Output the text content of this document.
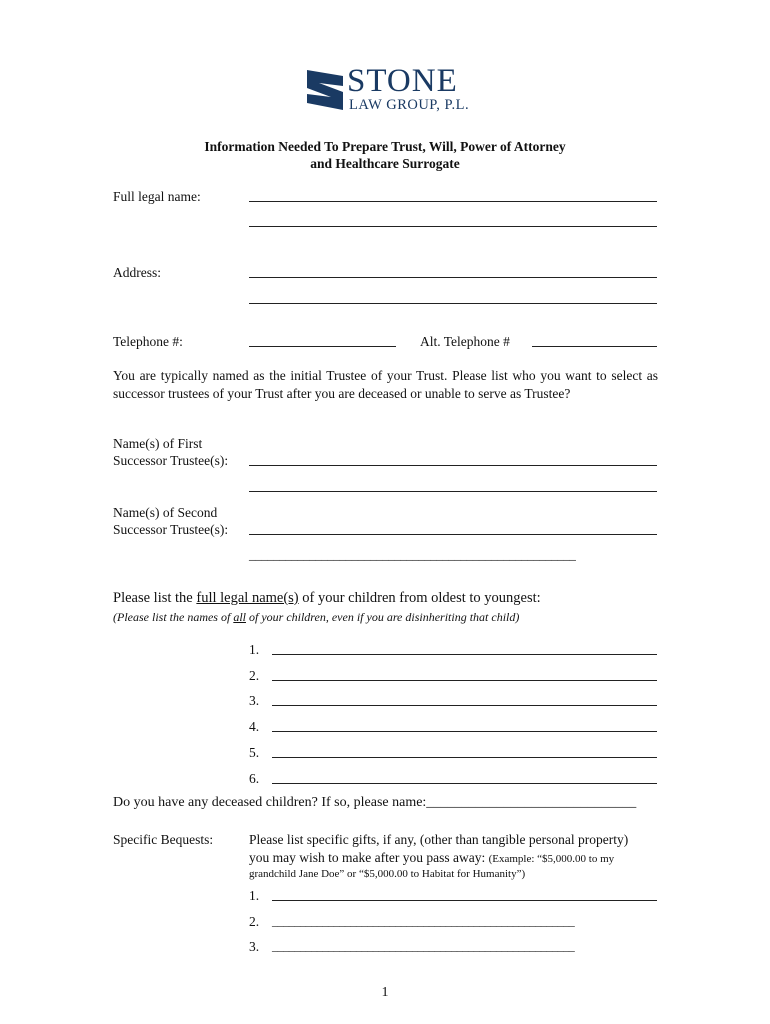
STONE
LAW GROUP, P.L.
Information Needed To Prepare Trust, Will, Power of Attorney
and Healthcare Surrogate
Full legal name:
Address:
Telephone #:	Alt. Telephone #
You are typically named as the initial Trustee of your Trust. Please list who you want to select as successor trustees of your Trust after you are deceased or unable to serve as Trustee?
Name(s) of First
Successor Trustee(s):
Name(s) of Second
Successor Trustee(s):
______________________________________________________
Please list the full legal name(s) of your children from oldest to youngest:
(Please list the names of all of your children, even if you are disinheriting that child)
1.
2.
3.
4.
5.
6.
Do you have any deceased children? If so, please name:______________________________
Specific Bequests:	Please list specific gifts, if any, (other than tangible personal property)
you may wish to make after you pass away: (Example: “$5,000.00 to my
grandchild Jane Doe” or “$5,000.00 to Habitat for Humanity”)
1.
2. ______________________________________________________
3. ______________________________________________________
1
